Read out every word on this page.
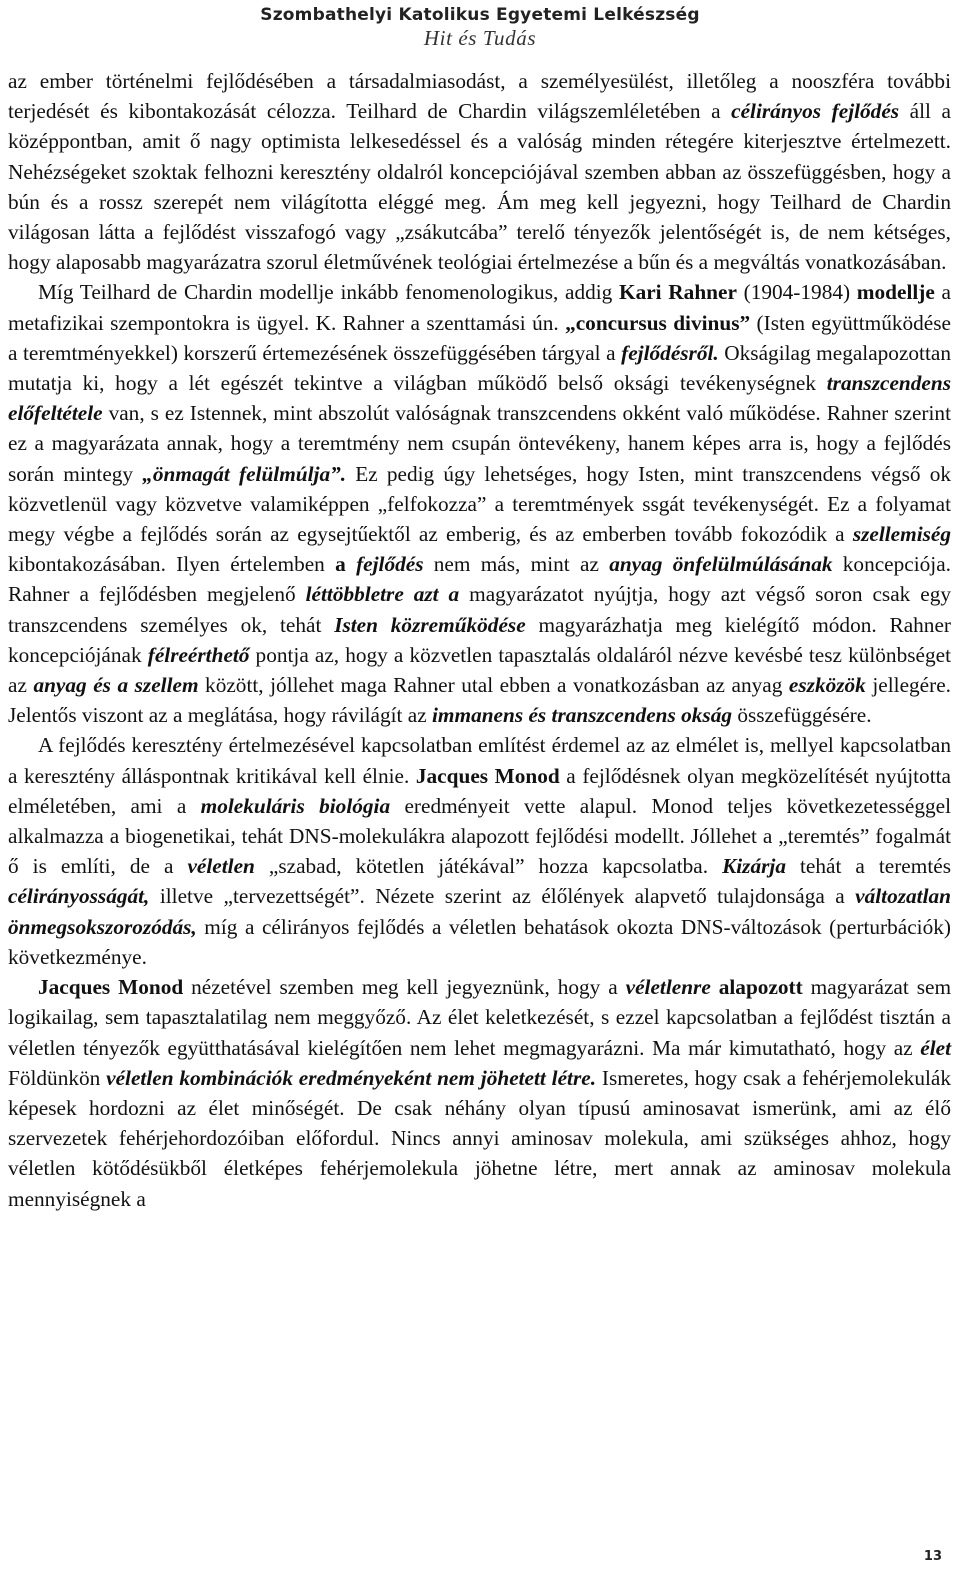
Szombathelyi Katolikus Egyetemi Lelkészség
Hit és Tudás

az ember történelmi fejlődésében a társadalmiasodást, a személyesülést, illetőleg a nooszféra további terjedését és kibontakozását célozza. Teilhard de Chardin világszemléletében a célirányos fejlődés áll a középpontban, amit ő nagy optimista lelkesedéssel és a valóság minden rétegére kiterjesztve értelmezett. Nehézségeket szoktak felhozni keresztény oldalról koncepciójával szemben abban az összefüggésben, hogy a bún és a rossz szerepét nem világította eléggé meg. Ám meg kell jegyezni, hogy Teilhard de Chardin világosan látta a fejlődést visszafogó vagy „zsákutcába” terelő tényezők jelentőségét is, de nem kétséges, hogy alaposabb magyarázatra szorul életművének teológiai értelmezése a bűn és a megváltás vonatkozásában.

Míg Teilhard de Chardin modellje inkább fenomenologikus, addig Kari Rahner (1904-1984) modellje a metafizikai szempontokra is ügyel. K. Rahner a szenttamási ún. „concursus divinus” (Isten együttműködése a teremtményekkel) korszerű értemezésének összefüggésében tárgyal a fejlődésről. Okságilag megalapozottan mutatja ki, hogy a lét egészét tekintve a világban működő belső oksági tevékenységnek transzcendens előfeltétele van, s ez Istennek, mint abszolút valóságnak transzcendens okként való működése. Rahner szerint ez a magyarázata annak, hogy a teremtmény nem csupán öntevékeny, hanem képes arra is, hogy a fejlődés során mintegy „önmagát felülmúlja”. Ez pedig úgy lehetséges, hogy Isten, mint transzcendens végső ok közvetlenül vagy közvetve valamiképpen „felfokozza” a teremtmények ssgát tevékenységét. Ez a folyamat megy végbe a fejlődés során az egysejtűektől az emberig, és az emberben tovább fokozódik a szellemiség kibontakozásában. Ilyen értelemben a fejlődés nem más, mint az anyag önfelülmúlásának koncepciója. Rahner a fejlődésben megjelenő léttöbbletre azt a magyarázatot nyújtja, hogy azt végső soron csak egy transzcendens személyes ok, tehát Isten közreműködése magyarázhatja meg kielégítő módon. Rahner koncepciójának félreérthető pontja az, hogy a közvetlen tapasztalás oldaláról nézve kevésbé tesz különbséget az anyag és a szellem között, jóllehet maga Rahner utal ebben a vonatkozásban az anyag eszközök jellegére. Jelentős viszont az a meglátása, hogy rávilágít az immanens és transzcendens okság összefüggésére.

A fejlődés keresztény értelmezésével kapcsolatban említést érdemel az az elmélet is, mellyel kapcsolatban a keresztény álláspontnak kritikával kell élnie. Jacques Monod a fejlődésnek olyan megközelítését nyújtotta elméletében, ami a molekuláris biológia eredményeit vette alapul. Monod teljes következetességgel alkalmazza a biogenetikai, tehát DNS-molekulákra alapozott fejlődési modellt. Jóllehet a „teremtés” fogalmát ő is említi, de a véletlen „szabad, kötetlen játékával” hozza kapcsolatba. Kizárja tehát a teremtés célirányosságát, illetve „tervezettségét”. Nézete szerint az élőlények alapvető tulajdonsága a változatlan önmegsokszorozódás, míg a célirányos fejlődés a véletlen behatások okozta DNS-változások (perturbációk) következménye.

Jacques Monod nézetével szemben meg kell jegyeznünk, hogy a véletlenre alapozott magyarázat sem logikailag, sem tapasztalatilag nem meggyőző. Az élet keletkezését, s ezzel kapcsolatban a fejlődést tisztán a véletlen tényezők együtthatásával kielégítően nem lehet megmagyarázni. Ma már kimutatható, hogy az élet Földünkön véletlen kombinációk eredményeként nem jöhetett létre. Ismeretes, hogy csak a fehérjemolekulák képesek hordozni az élet minőségét. De csak néhány olyan típusú aminosavat ismerünk, ami az élő szervezetek fehérjehordozóiban előfordul. Nincs annyi aminosav molekula, ami szükséges ahhoz, hogy véletlen kötődésükből életképes fehérjemolekula jöhetne létre, mert annak az aminosav molekula mennyiségnek a

13
